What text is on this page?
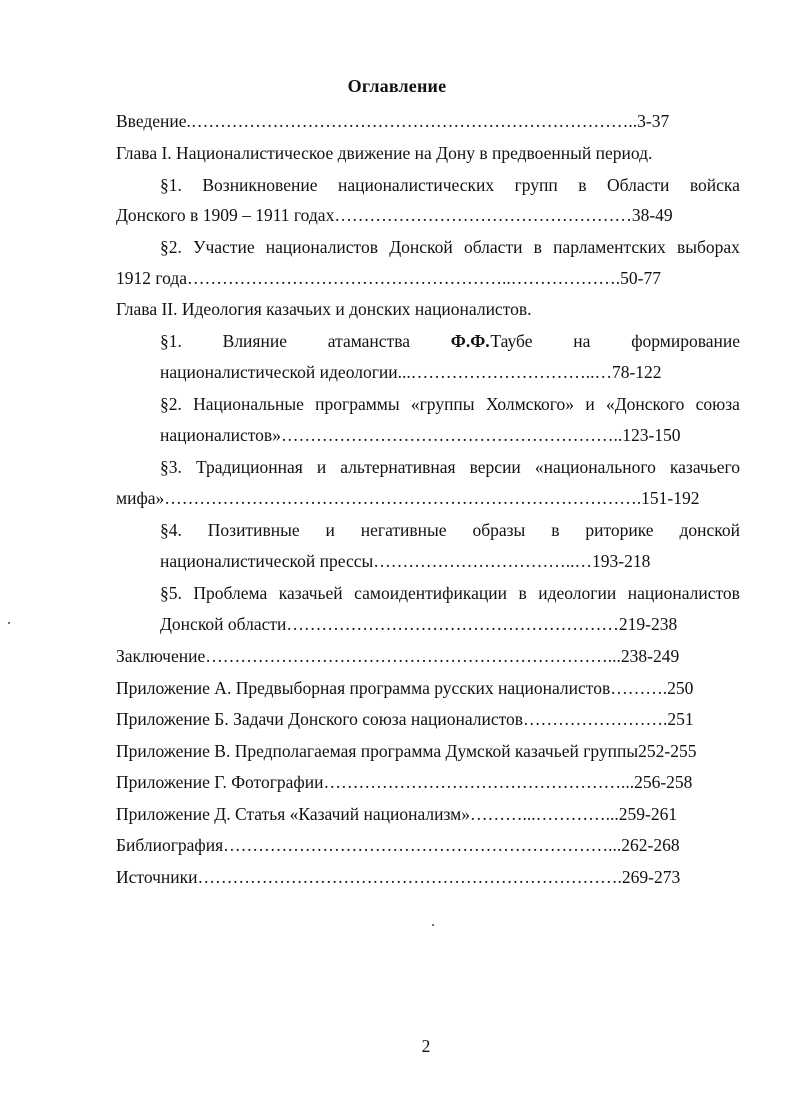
Оглавление
Введение.…………………………………………………………………..3-37
Глава I. Националистическое движение на Дону в предвоенный период.
§1. Возникновение националистических групп в Области войска
Донского в 1909 – 1911 годах……………………………………………38-49
§2. Участие националистов Донской области в парламентских выборах
1912 года………………………………………………..……………….50-77
Глава II. Идеология казачьих и донских националистов.
§1. Влияние атаманства Ф.Ф. Таубе на формирование
националистической идеологии...…………………………..…78-122
§2. Национальные программы «группы Холмского» и «Донского союза
националистов»…………………………………………………..123-150
§3. Традиционная и альтернативная версии «национального казачьего
мифа»……………………………………………………………………….151-192
§4. Позитивные и негативные образы в риторике донской
националистической прессы……………………………..…193-218
§5. Проблема казачьей самоидентификации в идеологии националистов
Донской области…………………………………………………219-238
Заключение……………………………………………………………...238-249
Приложение А. Предвыборная программа русских националистов……….250
Приложение Б. Задачи Донского союза националистов…………………….251
Приложение В. Предполагаемая программа Думской казачьей группы252-255
Приложение Г. Фотографии……………………………………………...256-258
Приложение Д. Статья «Казачий национализм»………...…………...259-261
Библиография…………………………………………………………...262-268
Источники……………………………………………………………….269-273
2
